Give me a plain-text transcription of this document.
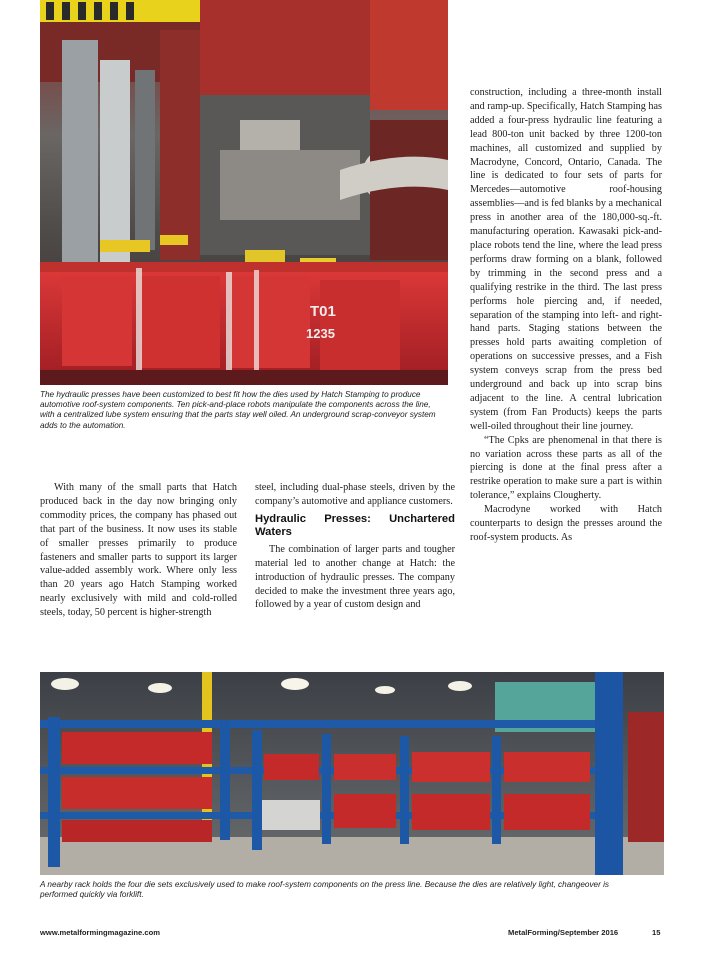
T01
1235
The hydraulic presses have been customized to best fit how the dies used by Hatch Stamping to produce automotive roof-system components. Ten pick-and-place robots manipulate the components across the line, with a centralized lube system ensuring that the parts stay well oiled. An underground scrap-conveyor system adds to the automation.

construction, including a three-month install and ramp-up. Specifically, Hatch Stamping has added a four-press hydraulic line featuring a lead 800-ton unit backed by three 1200-ton machines, all customized and supplied by Macrodyne, Concord, Ontario, Canada. The line is dedicated to four sets of parts for Mercedes—automotive roof-housing assemblies—and is fed blanks by a mechanical press in another area of the 180,000-sq.-ft. manufacturing operation. Kawasaki pick-and-place robots tend the line, where the lead press performs draw forming on a blank, followed by trimming in the second press and a qualifying restrike in the third. The last press performs hole piercing and, if needed, separation of the stamping into left- and right-hand parts. Staging stations between the presses hold parts awaiting completion of operations on successive presses, and a Fish system conveys scrap from the press bed underground and back up into scrap bins adjacent to the line. A central lubrication system (from Fan Products) keeps the parts well-oiled throughout their line journey.

“The Cpks are phenomenal in that there is no variation across these parts as all of the piercing is done at the final press after a restrike operation to make sure a part is within tolerance,” explains Clougherty.

Macrodyne worked with Hatch counterparts to design the presses around the roof-system products. As

With many of the small parts that Hatch produced back in the day now bringing only commodity prices, the company has phased out that part of the business. It now uses its stable of smaller presses primarily to produce fasteners and smaller parts to support its larger value-added assembly work. Where only less than 20 years ago Hatch Stamping worked nearly exclusively with mild and cold-rolled steels, today, 50 percent is higher-strength

steel, including dual-phase steels, driven by the company’s automotive and appliance customers.

Hydraulic Presses: Unchartered Waters

The combination of larger parts and tougher material led to another change at Hatch: the introduction of hydraulic presses. The company decided to make the investment three years ago, followed by a year of custom design and

A nearby rack holds the four die sets exclusively used to make roof-system components on the press line. Because the dies are relatively light, changeover is performed quickly via forklift.
www.metalformingmagazine.com	MetalForming/September 2016	15
